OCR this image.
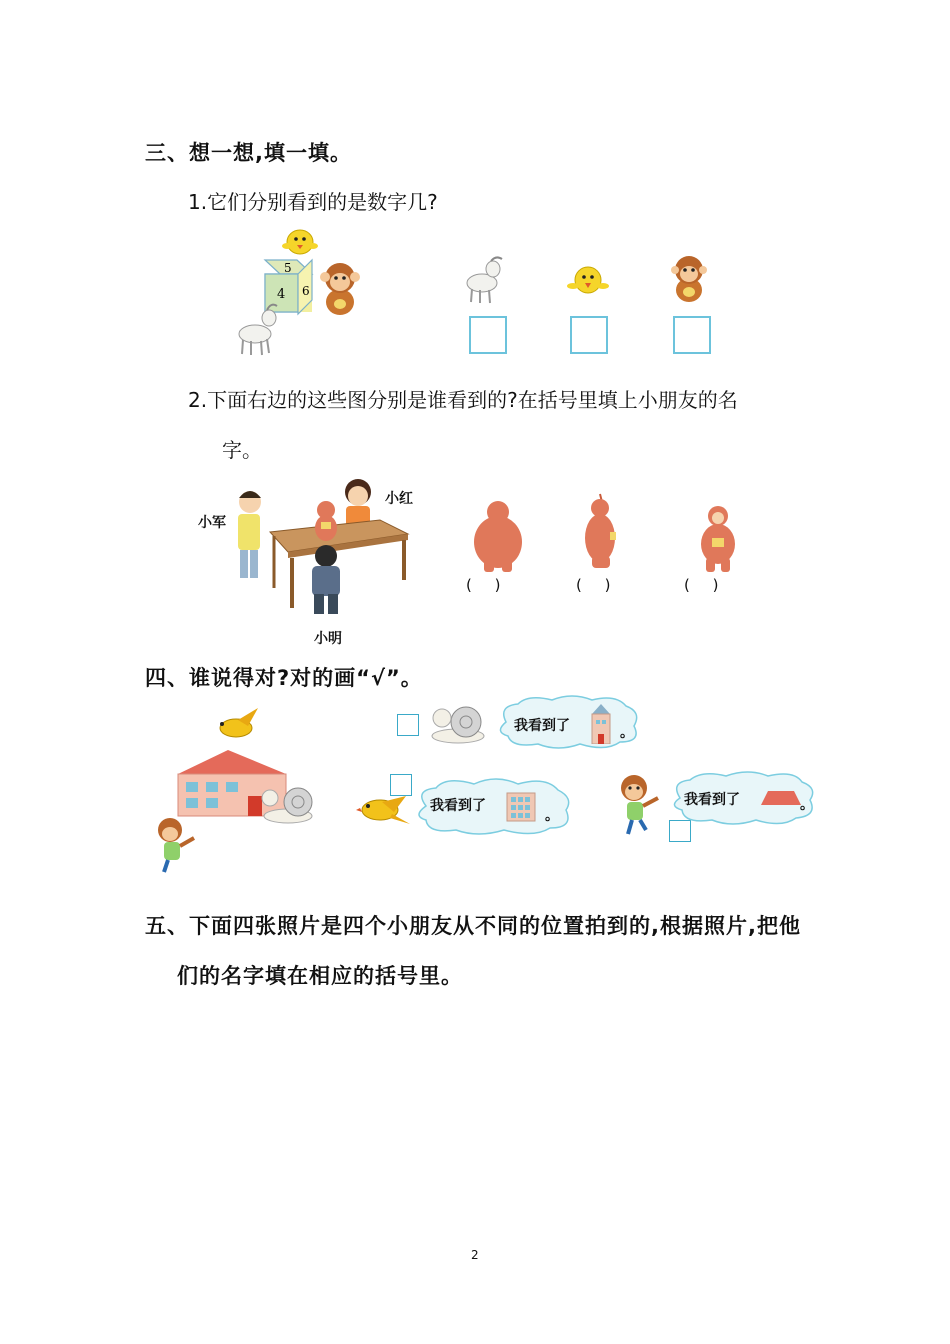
三、想一想,填一填。
1.它们分别看到的是数字几?
5
4 6
2.下面右边的这些图分别是谁看到的?在括号里填上小朋友的名
字。
小军
小红
小明
( )	( )	( )
四、谁说得对?对的画“√”。
我看到了	。
我看到了
。
我看到了	。
五、下面四张照片是四个小朋友从不同的位置拍到的,根据照片,把他
们的名字填在相应的括号里。
2
